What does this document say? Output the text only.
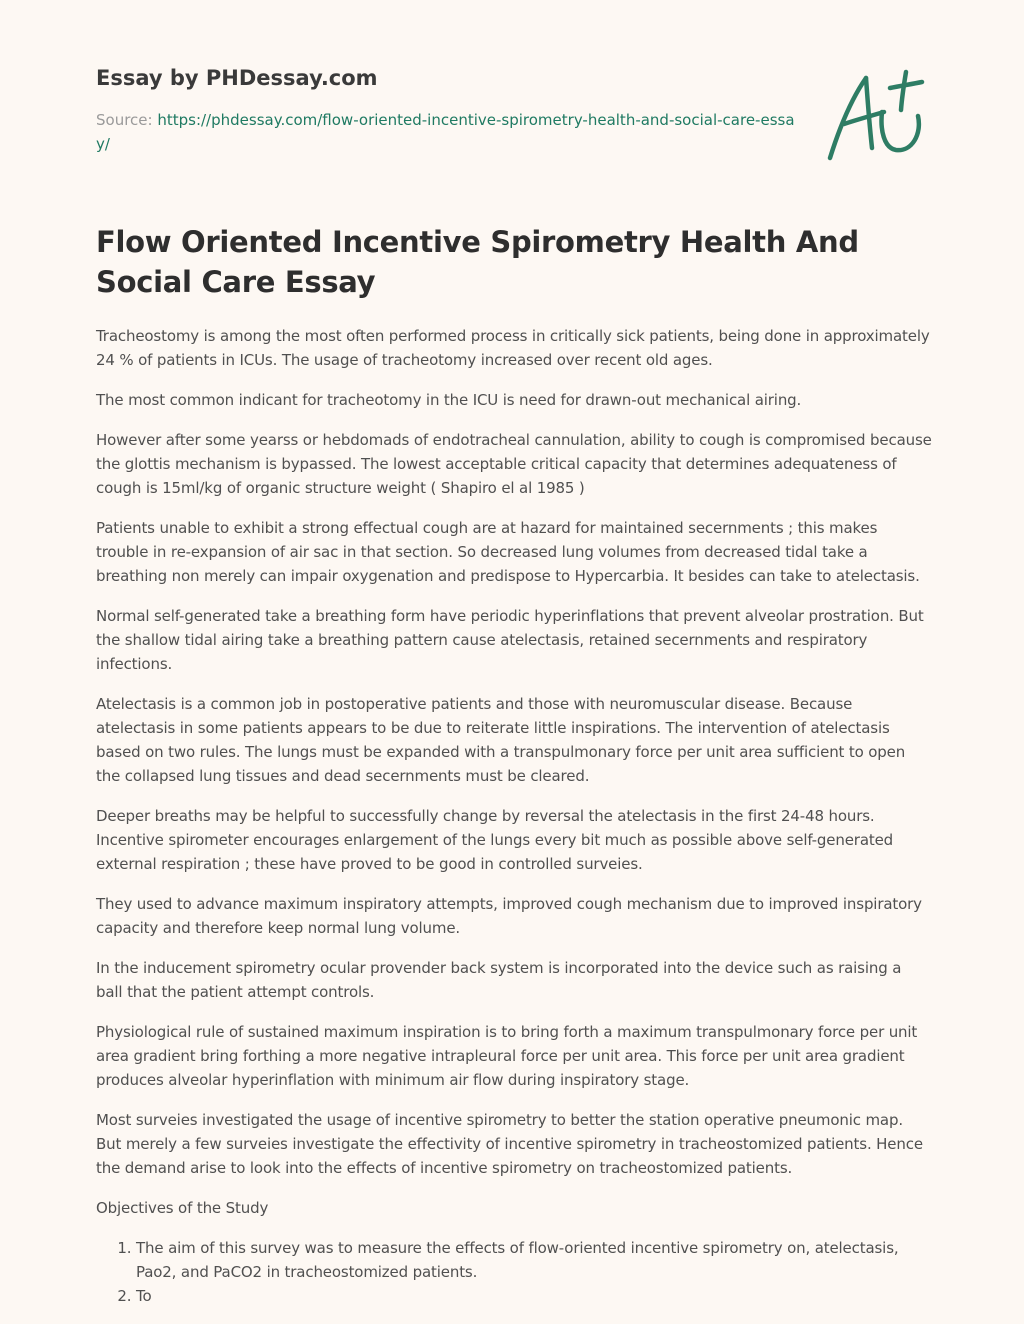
Essay by PHDessay.com
Source: https://phdessay.com/flow-oriented-incentive-spirometry-health-and-social-care-essay/
Flow Oriented Incentive Spirometry Health And Social Care Essay

Tracheostomy is among the most often performed process in critically sick patients, being done in approximately 24 % of patients in ICUs. The usage of tracheotomy increased over recent old ages.

The most common indicant for tracheotomy in the ICU is need for drawn-out mechanical airing.

However after some yearss or hebdomads of endotracheal cannulation, ability to cough is compromised because the glottis mechanism is bypassed. The lowest acceptable critical capacity that determines adequateness of cough is 15ml/kg of organic structure weight ( Shapiro el al 1985 )

Patients unable to exhibit a strong effectual cough are at hazard for maintained secernments ; this makes trouble in re-expansion of air sac in that section. So decreased lung volumes from decreased tidal take a breathing non merely can impair oxygenation and predispose to Hypercarbia. It besides can take to atelectasis.

Normal self-generated take a breathing form have periodic hyperinflations that prevent alveolar prostration. But the shallow tidal airing take a breathing pattern cause atelectasis, retained secernments and respiratory infections.

Atelectasis is a common job in postoperative patients and those with neuromuscular disease. Because atelectasis in some patients appears to be due to reiterate little inspirations. The intervention of atelectasis based on two rules. The lungs must be expanded with a transpulmonary force per unit area sufficient to open the collapsed lung tissues and dead secernments must be cleared.

Deeper breaths may be helpful to successfully change by reversal the atelectasis in the first 24-48 hours. Incentive spirometer encourages enlargement of the lungs every bit much as possible above self-generated external respiration ; these have proved to be good in controlled surveies.

They used to advance maximum inspiratory attempts, improved cough mechanism due to improved inspiratory capacity and therefore keep normal lung volume.

In the inducement spirometry ocular provender back system is incorporated into the device such as raising a ball that the patient attempt controls.

Physiological rule of sustained maximum inspiration is to bring forth a maximum transpulmonary force per unit area gradient bring forthing a more negative intrapleural force per unit area. This force per unit area gradient produces alveolar hyperinflation with minimum air flow during inspiratory stage.

Most surveies investigated the usage of incentive spirometry to better the station operative pneumonic map. But merely a few surveies investigate the effectivity of incentive spirometry in tracheostomized patients. Hence the demand arise to look into the effects of incentive spirometry on tracheostomized patients.

Objectives of the Study

1. The aim of this survey was to measure the effects of flow-oriented incentive spirometry on, atelectasis, Pao2, and PaCO2 in tracheostomized patients.
2. To
